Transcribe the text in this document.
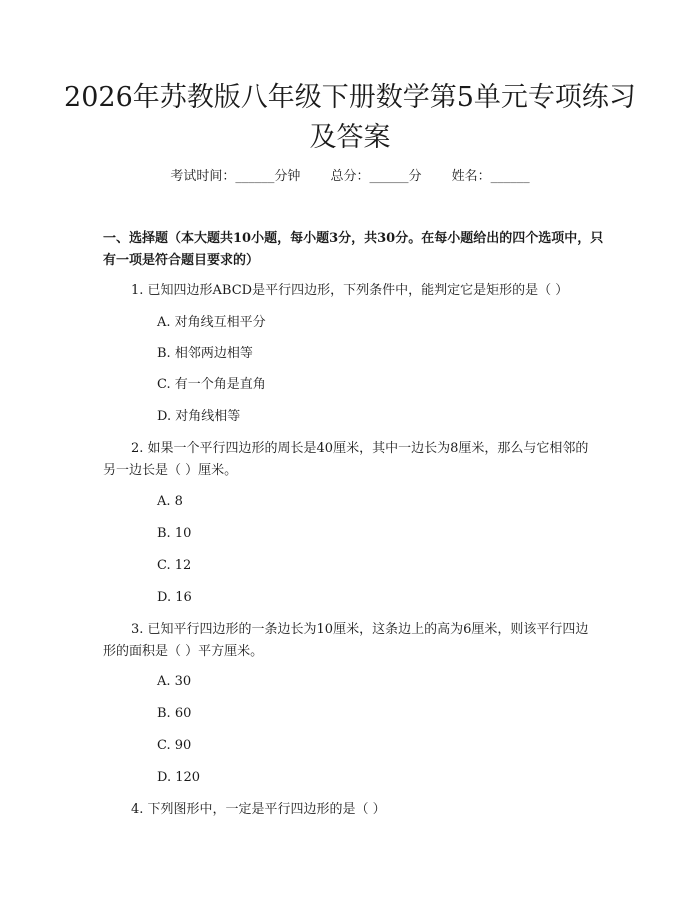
2026年苏教版八年级下册数学第5单元专项练习及答案
考试时间：______分钟 总分：______分 姓名：______

一、选择题（本大题共10小题，每小题3分，共30分。在每小题给出的四个选项中，只有一项是符合题目要求的）

1. 已知四边形ABCD是平行四边形，下列条件中，能判定它是矩形的是（ ）

A. 对角线互相平分

B. 相邻两边相等

C. 有一个角是直角

D. 对角线相等

2. 如果一个平行四边形的周长是40厘米，其中一边长为8厘米，那么与它相邻的另一边长是（ ）厘米。

A. 8

B. 10

C. 12

D. 16

3. 已知平行四边形的一条边长为10厘米，这条边上的高为6厘米，则该平行四边形的面积是（ ）平方厘米。

A. 30

B. 60

C. 90

D. 120

4. 下列图形中，一定是平行四边形的是（ ）
